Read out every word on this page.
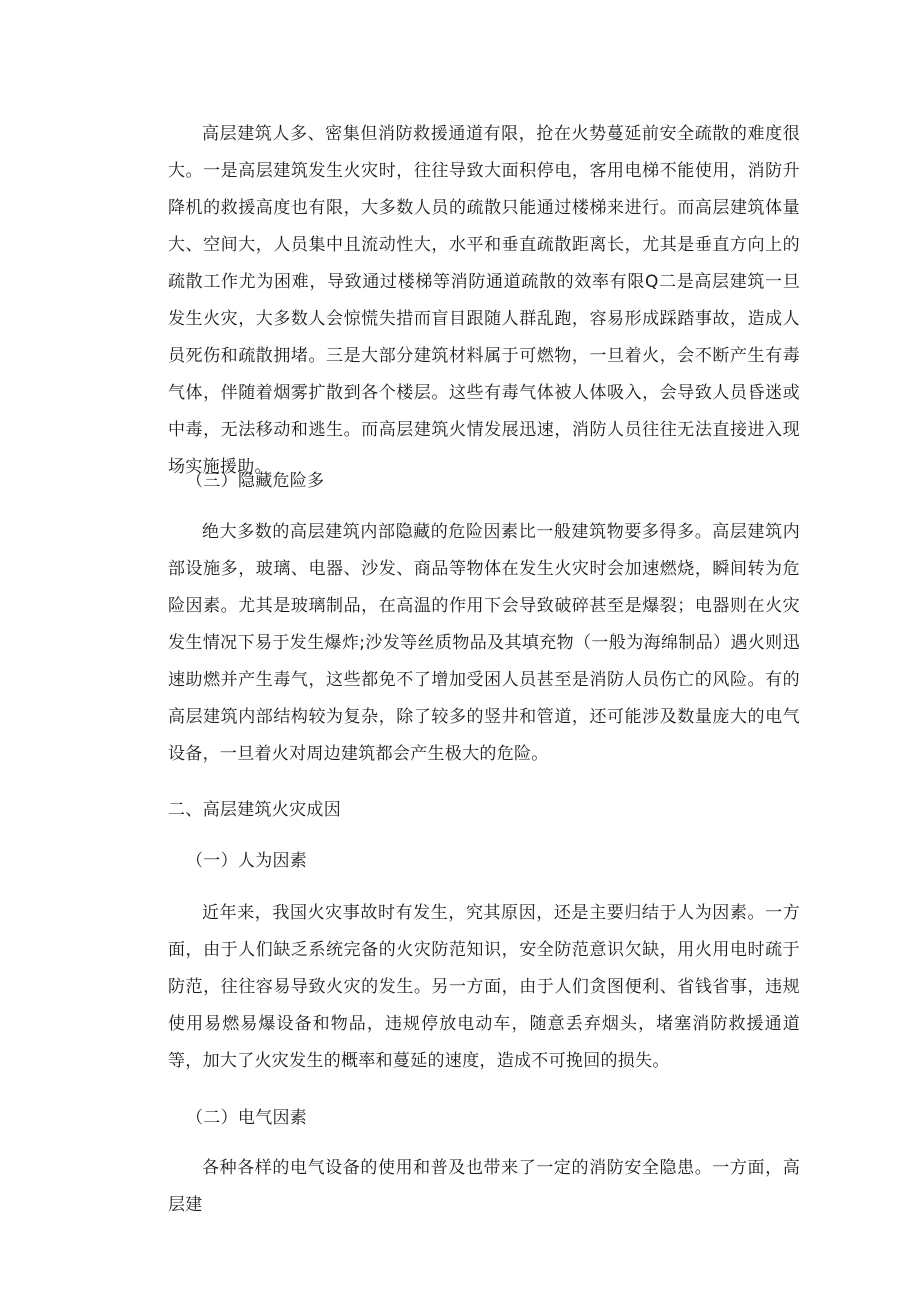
高层建筑人多、密集但消防救援通道有限，抢在火势蔓延前安全疏散的难度很大。一是高层建筑发生火灾时，往往导致大面积停电，客用电梯不能使用，消防升降机的救援高度也有限，大多数人员的疏散只能通过楼梯来进行。而高层建筑体量大、空间大，人员集中且流动性大，水平和垂直疏散距离长，尤其是垂直方向上的疏散工作尤为困难，导致通过楼梯等消防通道疏散的效率有限Q二是高层建筑一旦发生火灾，大多数人会惊慌失措而盲目跟随人群乱跑，容易形成踩踏事故，造成人员死伤和疏散拥堵。三是大部分建筑材料属于可燃物，一旦着火，会不断产生有毒气体，伴随着烟雾扩散到各个楼层。这些有毒气体被人体吸入，会导致人员昏迷或中毒，无法移动和逃生。而高层建筑火情发展迅速，消防人员往往无法直接进入现场实施援助。

（三）隐藏危险多

绝大多数的高层建筑内部隐藏的危险因素比一般建筑物要多得多。高层建筑内部设施多，玻璃、电器、沙发、商品等物体在发生火灾时会加速燃烧，瞬间转为危险因素。尤其是玻璃制品，在高温的作用下会导致破碎甚至是爆裂；电器则在火灾发生情况下易于发生爆炸;沙发等丝质物品及其填充物（一般为海绵制品）遇火则迅速助燃并产生毒气，这些都免不了增加受困人员甚至是消防人员伤亡的风险。有的高层建筑内部结构较为复杂，除了较多的竖井和管道，还可能涉及数量庞大的电气设备，一旦着火对周边建筑都会产生极大的危险。

二、高层建筑火灾成因

（一）人为因素

近年来，我国火灾事故时有发生，究其原因，还是主要归结于人为因素。一方面，由于人们缺乏系统完备的火灾防范知识，安全防范意识欠缺，用火用电时疏于防范，往往容易导致火灾的发生。另一方面，由于人们贪图便利、省钱省事，违规使用易燃易爆设备和物品，违规停放电动车，随意丢弃烟头，堵塞消防救援通道等，加大了火灾发生的概率和蔓延的速度，造成不可挽回的损失。

（二）电气因素

各种各样的电气设备的使用和普及也带来了一定的消防安全隐患。一方面，高层建
